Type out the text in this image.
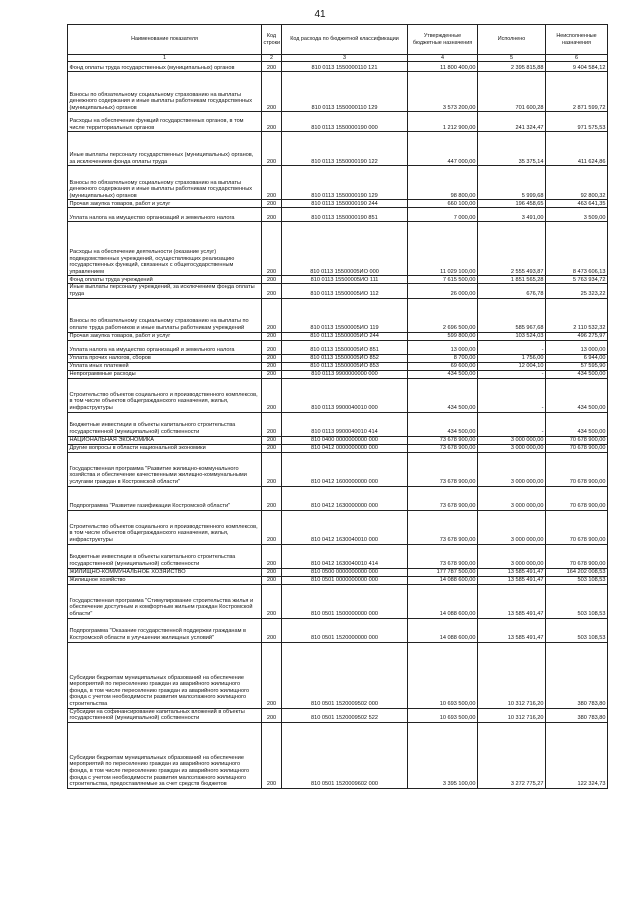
41
Наименование показателя	Код строки	Код расхода по бюджетной классификации	Утвержденные бюджетные назначения	Исполнено	Неисполненные назначения
1	2	3	4	5	6
Фонд оплаты труда государственных (муниципальных) органов	200	810 0113 1550000110 121	11 800 400,00	2 395 815,88	9 404 584,12
Взносы по обязательному социальному страхованию на выплаты денежного содержания и иные выплаты работникам государственных (муниципальных) органов	200	810 0113 1550000110 129	3 573 200,00	701 600,28	2 871 599,72
Расходы на обеспечение функций государственных органов, в том числе территориальных органов	200	810 0113 1550000190 000	1 212 900,00	241 324,47	971 575,53
Иные выплаты персоналу государственных (муниципальных) органов, за исключением фонда оплаты труда	200	810 0113 1550000190 122	447 000,00	35 375,14	411 624,86
Взносы по обязательному социальному страхованию на выплаты денежного содержания и иные выплаты работникам государственных (муниципальных) органов	200	810 0113 1550000190 129	98 800,00	5 999,68	92 800,32
Прочая закупка товаров, работ и услуг	200	810 0113 1550000190 244	660 100,00	196 458,65	463 641,35
Уплата налога на имущество организаций и земельного налога	200	810 0113 1550000190 851	7 000,00	3 491,00	3 509,00
Расходы на обеспечение деятельности (оказание услуг) подведомственных учреждений, осуществляющих реализацию государственных функций, связанных с общегосударственным управлением	200	810 0113 15500005ИО 000	11 029 100,00	2 555 493,87	8 473 606,13
Фонд оплаты труда учреждений	200	810 0113 15500005ИО 111	7 615 500,00	1 851 565,28	5 763 934,72
Иные выплаты персоналу учреждений, за исключением фонда оплаты труда	200	810 0113 15500005ИО 112	26 000,00	676,78	25 323,22
Взносы по обязательному социальному страхованию на выплаты по оплате труда работников и иные выплаты работникам учреждений	200	810 0113 15500005ИО 119	2 696 500,00	585 967,68	2 110 532,32
Прочая закупка товаров, работ и услуг	200	810 0113 15500005ИО 244	599 800,00	103 524,03	496 275,97
Уплата налога на имущество организаций и земельного налога	200	810 0113 15500005ИО 851	13 000,00	-	13 000,00
Уплата прочих налогов, сборов	200	810 0113 15500005ИО 852	8 700,00	1 756,00	6 944,00
Уплата иных платежей	200	810 0113 15500005ИО 853	69 600,00	12 004,10	57 595,90
Непрограммные расходы	200	810 0113 9900000000 000	434 500,00	-	434 500,00
Строительство объектов социального и производственного комплексов, в том числе объектов общегражданского назначения, жилья, инфраструктуры	200	810 0113 9900040010 000	434 500,00	-	434 500,00
Бюджетные инвестиции в объекты капитального строительства государственной (муниципальной) собственности	200	810 0113 9900040010 414	434 500,00	-	434 500,00
НАЦИОНАЛЬНАЯ ЭКОНОМИКА	200	810 0400 0000000000 000	73 678 900,00	3 000 000,00	70 678 900,00
Другие вопросы в области национальной экономики	200	810 0412 0000000000 000	73 678 900,00	3 000 000,00	70 678 900,00
Государственная программа "Развитие жилищно-коммунального хозяйства и обеспечение качественными жилищно-коммунальными услугами граждан в Костромской области"	200	810 0412 1600000000 000	73 678 900,00	3 000 000,00	70 678 900,00
Подпрограмма "Развитие газификации Костромской области"	200	810 0412 1630000000 000	73 678 900,00	3 000 000,00	70 678 900,00
Строительство объектов социального и производственного комплексов, в том числе объектов общегражданского назначения, жилья, инфраструктуры	200	810 0412 1630040010 000	73 678 900,00	3 000 000,00	70 678 900,00
Бюджетные инвестиции в объекты капитального строительства государственной (муниципальной) собственности	200	810 0412 1630040010 414	73 678 900,00	3 000 000,00	70 678 900,00
ЖИЛИЩНО-КОММУНАЛЬНОЕ ХОЗЯЙСТВО	200	810 0500 0000000000 000	177 787 500,00	13 585 491,47	164 202 008,53
Жилищное хозяйство	200	810 0501 0000000000 000	14 088 600,00	13 585 491,47	503 108,53
Государственная программа "Стимулирование строительства жилья и обеспечение доступным и комфортным жильем граждан Костромской области"	200	810 0501 1500000000 000	14 088 600,00	13 585 491,47	503 108,53
Подпрограмма "Оказание государственной поддержки гражданам в Костромской области в улучшении жилищных условий"	200	810 0501 1520000000 000	14 088 600,00	13 585 491,47	503 108,53
Субсидии бюджетам муниципальных образований на обеспечение мероприятий по переселению граждан из аварийного жилищного фонда, в том числе переселению граждан из аварийного жилищного фонда с учетом необходимости развития малоэтажного жилищного строительства	200	810 0501 1520009502 000	10 693 500,00	10 312 716,20	380 783,80
Субсидии на софинансирование капитальных вложений в объекты государственной (муниципальной) собственности	200	810 0501 1520009502 522	10 693 500,00	10 312 716,20	380 783,80
Субсидии бюджетам муниципальных образований на обеспечение мероприятий по переселению граждан из аварийного жилищного фонда, в том числе переселению граждан из аварийного жилищного фонда с учетом необходимости развития малоэтажного жилищного строительства, предоставляемые за счет средств бюджетов	200	810 0501 1520009602 000	3 395 100,00	3 272 775,27	122 324,73
